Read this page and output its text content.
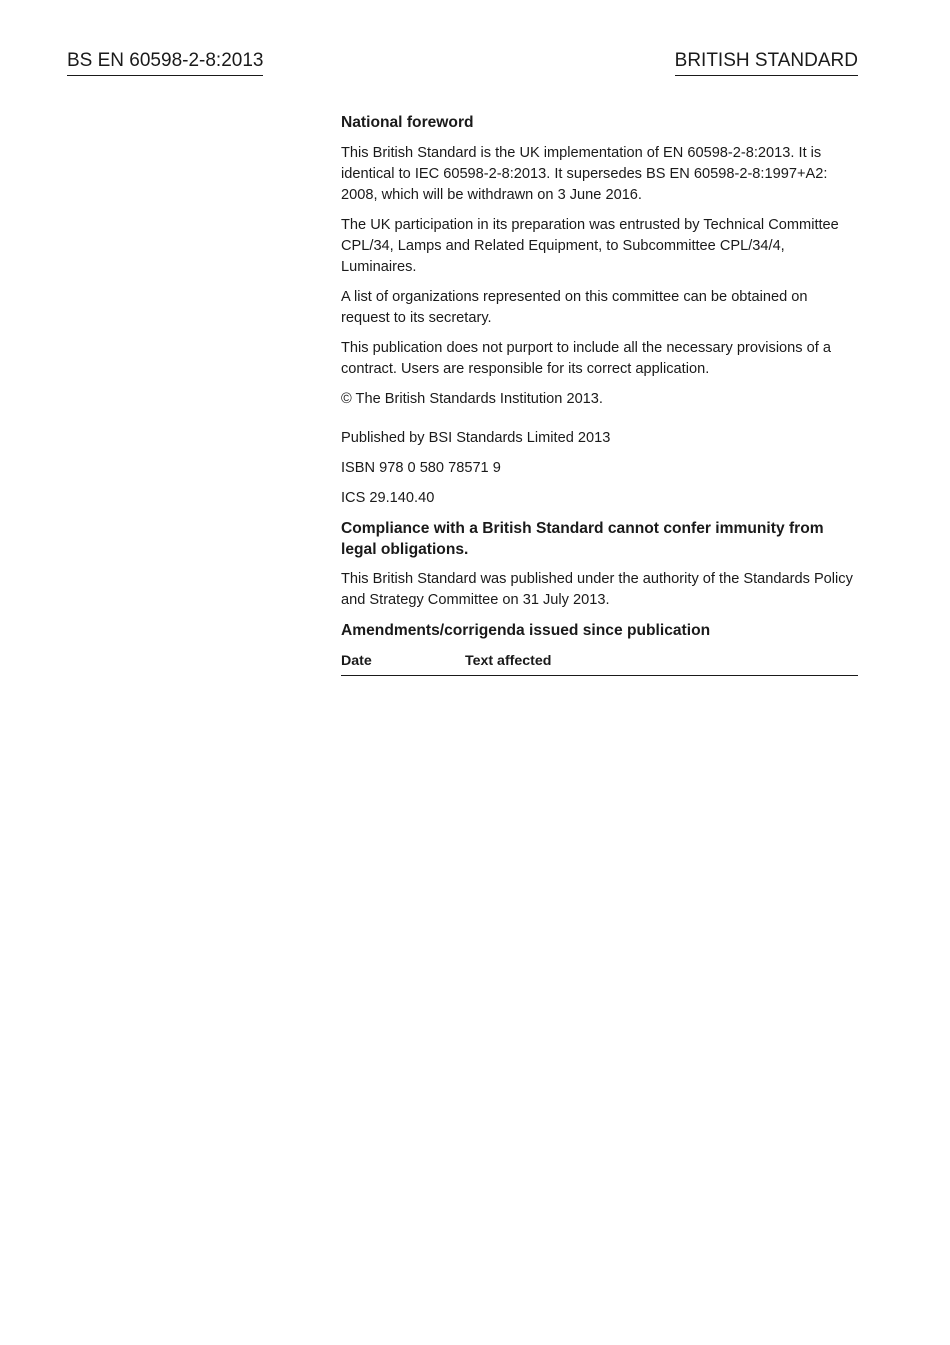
BS EN 60598-2-8:2013	BRITISH STANDARD
National foreword

This British Standard is the UK implementation of EN 60598-2-8:2013. It is identical to IEC 60598-2-8:2013. It supersedes BS EN 60598-2-8:1997+A2: 2008, which will be withdrawn on 3 June 2016.

The UK participation in its preparation was entrusted by Technical Committee CPL/34, Lamps and Related Equipment, to Subcommittee CPL/34/4, Luminaires.

A list of organizations represented on this committee can be obtained on request to its secretary.

This publication does not purport to include all the necessary provisions of a contract. Users are responsible for its correct application.

© The British Standards Institution 2013.

Published by BSI Standards Limited 2013

ISBN 978 0 580 78571 9

ICS 29.140.40

Compliance with a British Standard cannot confer immunity from legal obligations.

This British Standard was published under the authority of the Standards Policy and Strategy Committee on 31 July 2013.

Amendments/corrigenda issued since publication
Date	Text affected
